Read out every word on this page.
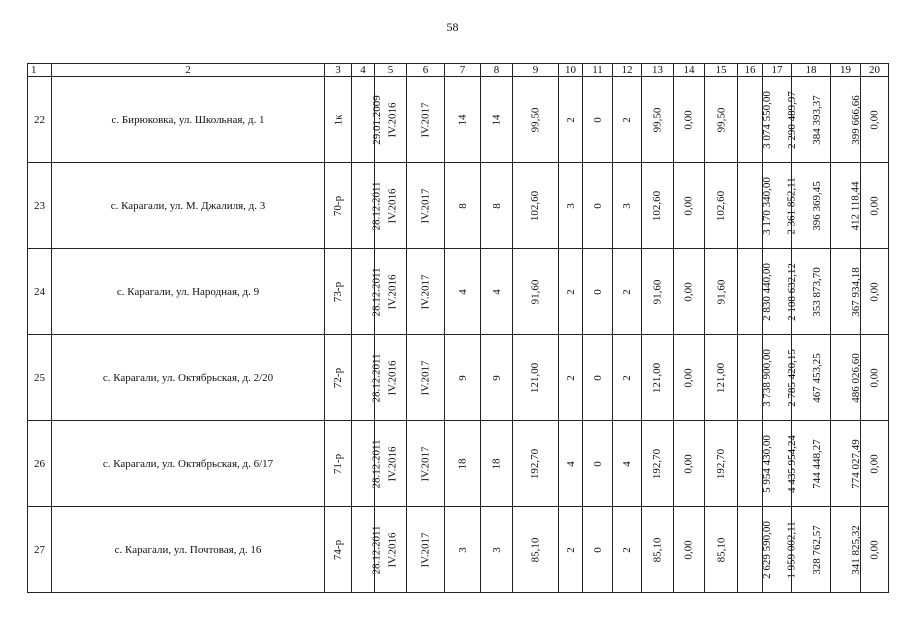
58
1	2	3	4	5	6	7	8	9	10	11	12	13	14	15	16	17	18	19	20
22	с. Бирюковка, ул. Школьная, д. 1	1к	29.01.2009	IV.2016	IV.2017	14	14	99,50	2	0	2	99,50	0,00	99,50	3 074 550,00	2 290 489,97	384 393,37	399 666,66	0,00
23	с. Карагали, ул. М. Джалиля, д. 3	70-р	28.12.2011	IV.2016	IV.2017	8	8	102,60	3	0	3	102,60	0,00	102,60	3 170 340,00	2 361 852,11	396 369,45	412 118,44	0,00
24	с. Карагали, ул. Народная, д. 9	73-р	28.12.2011	IV.2016	IV.2017	4	4	91,60	2	0	2	91,60	0,00	91,60	2 830 440,00	2 108 632,12	353 873,70	367 934,18	0,00
25	с. Карагали, ул. Октябрьская, д. 2/20	72-р	28.12.2011	IV.2016	IV.2017	9	9	121,00	2	0	2	121,00	0,00	121,00	3 738 900,00	2 785 420,15	467 453,25	486 026,60	0,00
26	с. Карагали, ул. Октябрьская, д. 6/17	71-р	28.12.2011	IV.2016	IV.2017	18	18	192,70	4	0	4	192,70	0,00	192,70	5 954 430,00	4 435 954,24	744 448,27	774 027,49	0,00
27	с. Карагали, ул. Почтовая, д. 16	74-р	28.12.2011	IV.2016	IV.2017	3	3	85,10	2	0	2	85,10	0,00	85,10	2 629 590,00	1 959 002,11	328 762,57	341 825,32	0,00
